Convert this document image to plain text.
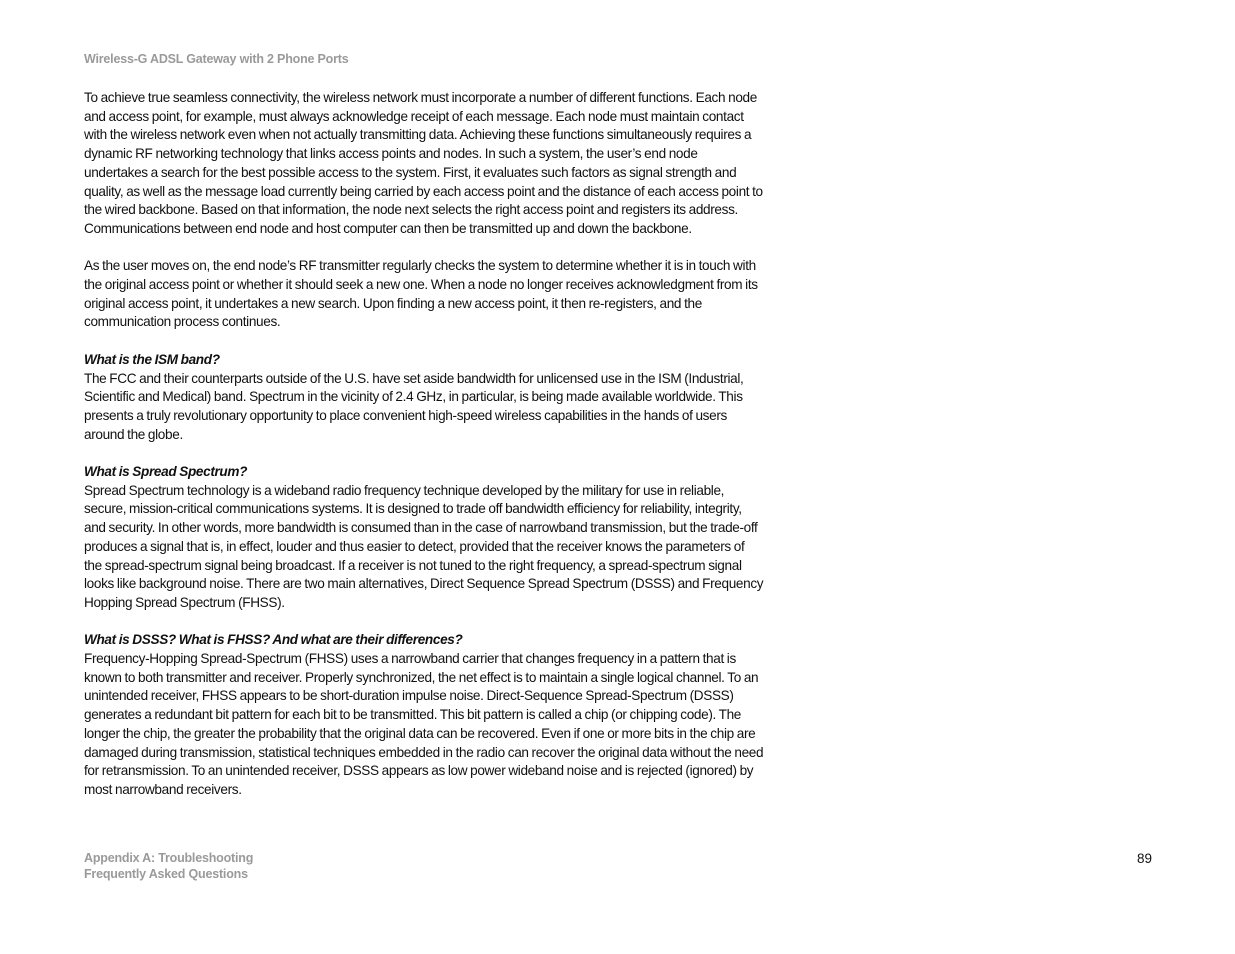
Wireless-G ADSL Gateway with 2 Phone Ports

To achieve true seamless connectivity, the wireless network must incorporate a number of different functions. Each node and access point, for example, must always acknowledge receipt of each message. Each node must maintain contact with the wireless network even when not actually transmitting data. Achieving these functions simultaneously requires a dynamic RF networking technology that links access points and nodes. In such a system, the user’s end node undertakes a search for the best possible access to the system. First, it evaluates such factors as signal strength and quality, as well as the message load currently being carried by each access point and the distance of each access point to the wired backbone. Based on that information, the node next selects the right access point and registers its address. Communications between end node and host computer can then be transmitted up and down the backbone.

As the user moves on, the end node’s RF transmitter regularly checks the system to determine whether it is in touch with the original access point or whether it should seek a new one. When a node no longer receives acknowledgment from its original access point, it undertakes a new search. Upon finding a new access point, it then re-registers, and the communication process continues.

What is the ISM band?

The FCC and their counterparts outside of the U.S. have set aside bandwidth for unlicensed use in the ISM (Industrial, Scientific and Medical) band. Spectrum in the vicinity of 2.4 GHz, in particular, is being made available worldwide. This presents a truly revolutionary opportunity to place convenient high-speed wireless capabilities in the hands of users around the globe.

What is Spread Spectrum?

Spread Spectrum technology is a wideband radio frequency technique developed by the military for use in reliable, secure, mission-critical communications systems. It is designed to trade off bandwidth efficiency for reliability, integrity, and security. In other words, more bandwidth is consumed than in the case of narrowband transmission, but the trade-off produces a signal that is, in effect, louder and thus easier to detect, provided that the receiver knows the parameters of the spread-spectrum signal being broadcast. If a receiver is not tuned to the right frequency, a spread-spectrum signal looks like background noise. There are two main alternatives, Direct Sequence Spread Spectrum (DSSS) and Frequency Hopping Spread Spectrum (FHSS).

What is DSSS? What is FHSS? And what are their differences?

Frequency-Hopping Spread-Spectrum (FHSS) uses a narrowband carrier that changes frequency in a pattern that is known to both transmitter and receiver. Properly synchronized, the net effect is to maintain a single logical channel. To an unintended receiver, FHSS appears to be short-duration impulse noise. Direct-Sequence Spread-Spectrum (DSSS) generates a redundant bit pattern for each bit to be transmitted. This bit pattern is called a chip (or chipping code). The longer the chip, the greater the probability that the original data can be recovered. Even if one or more bits in the chip are damaged during transmission, statistical techniques embedded in the radio can recover the original data without the need for retransmission. To an unintended receiver, DSSS appears as low power wideband noise and is rejected (ignored) by most narrowband receivers.

Appendix A: Troubleshooting
Frequently Asked Questions
89
